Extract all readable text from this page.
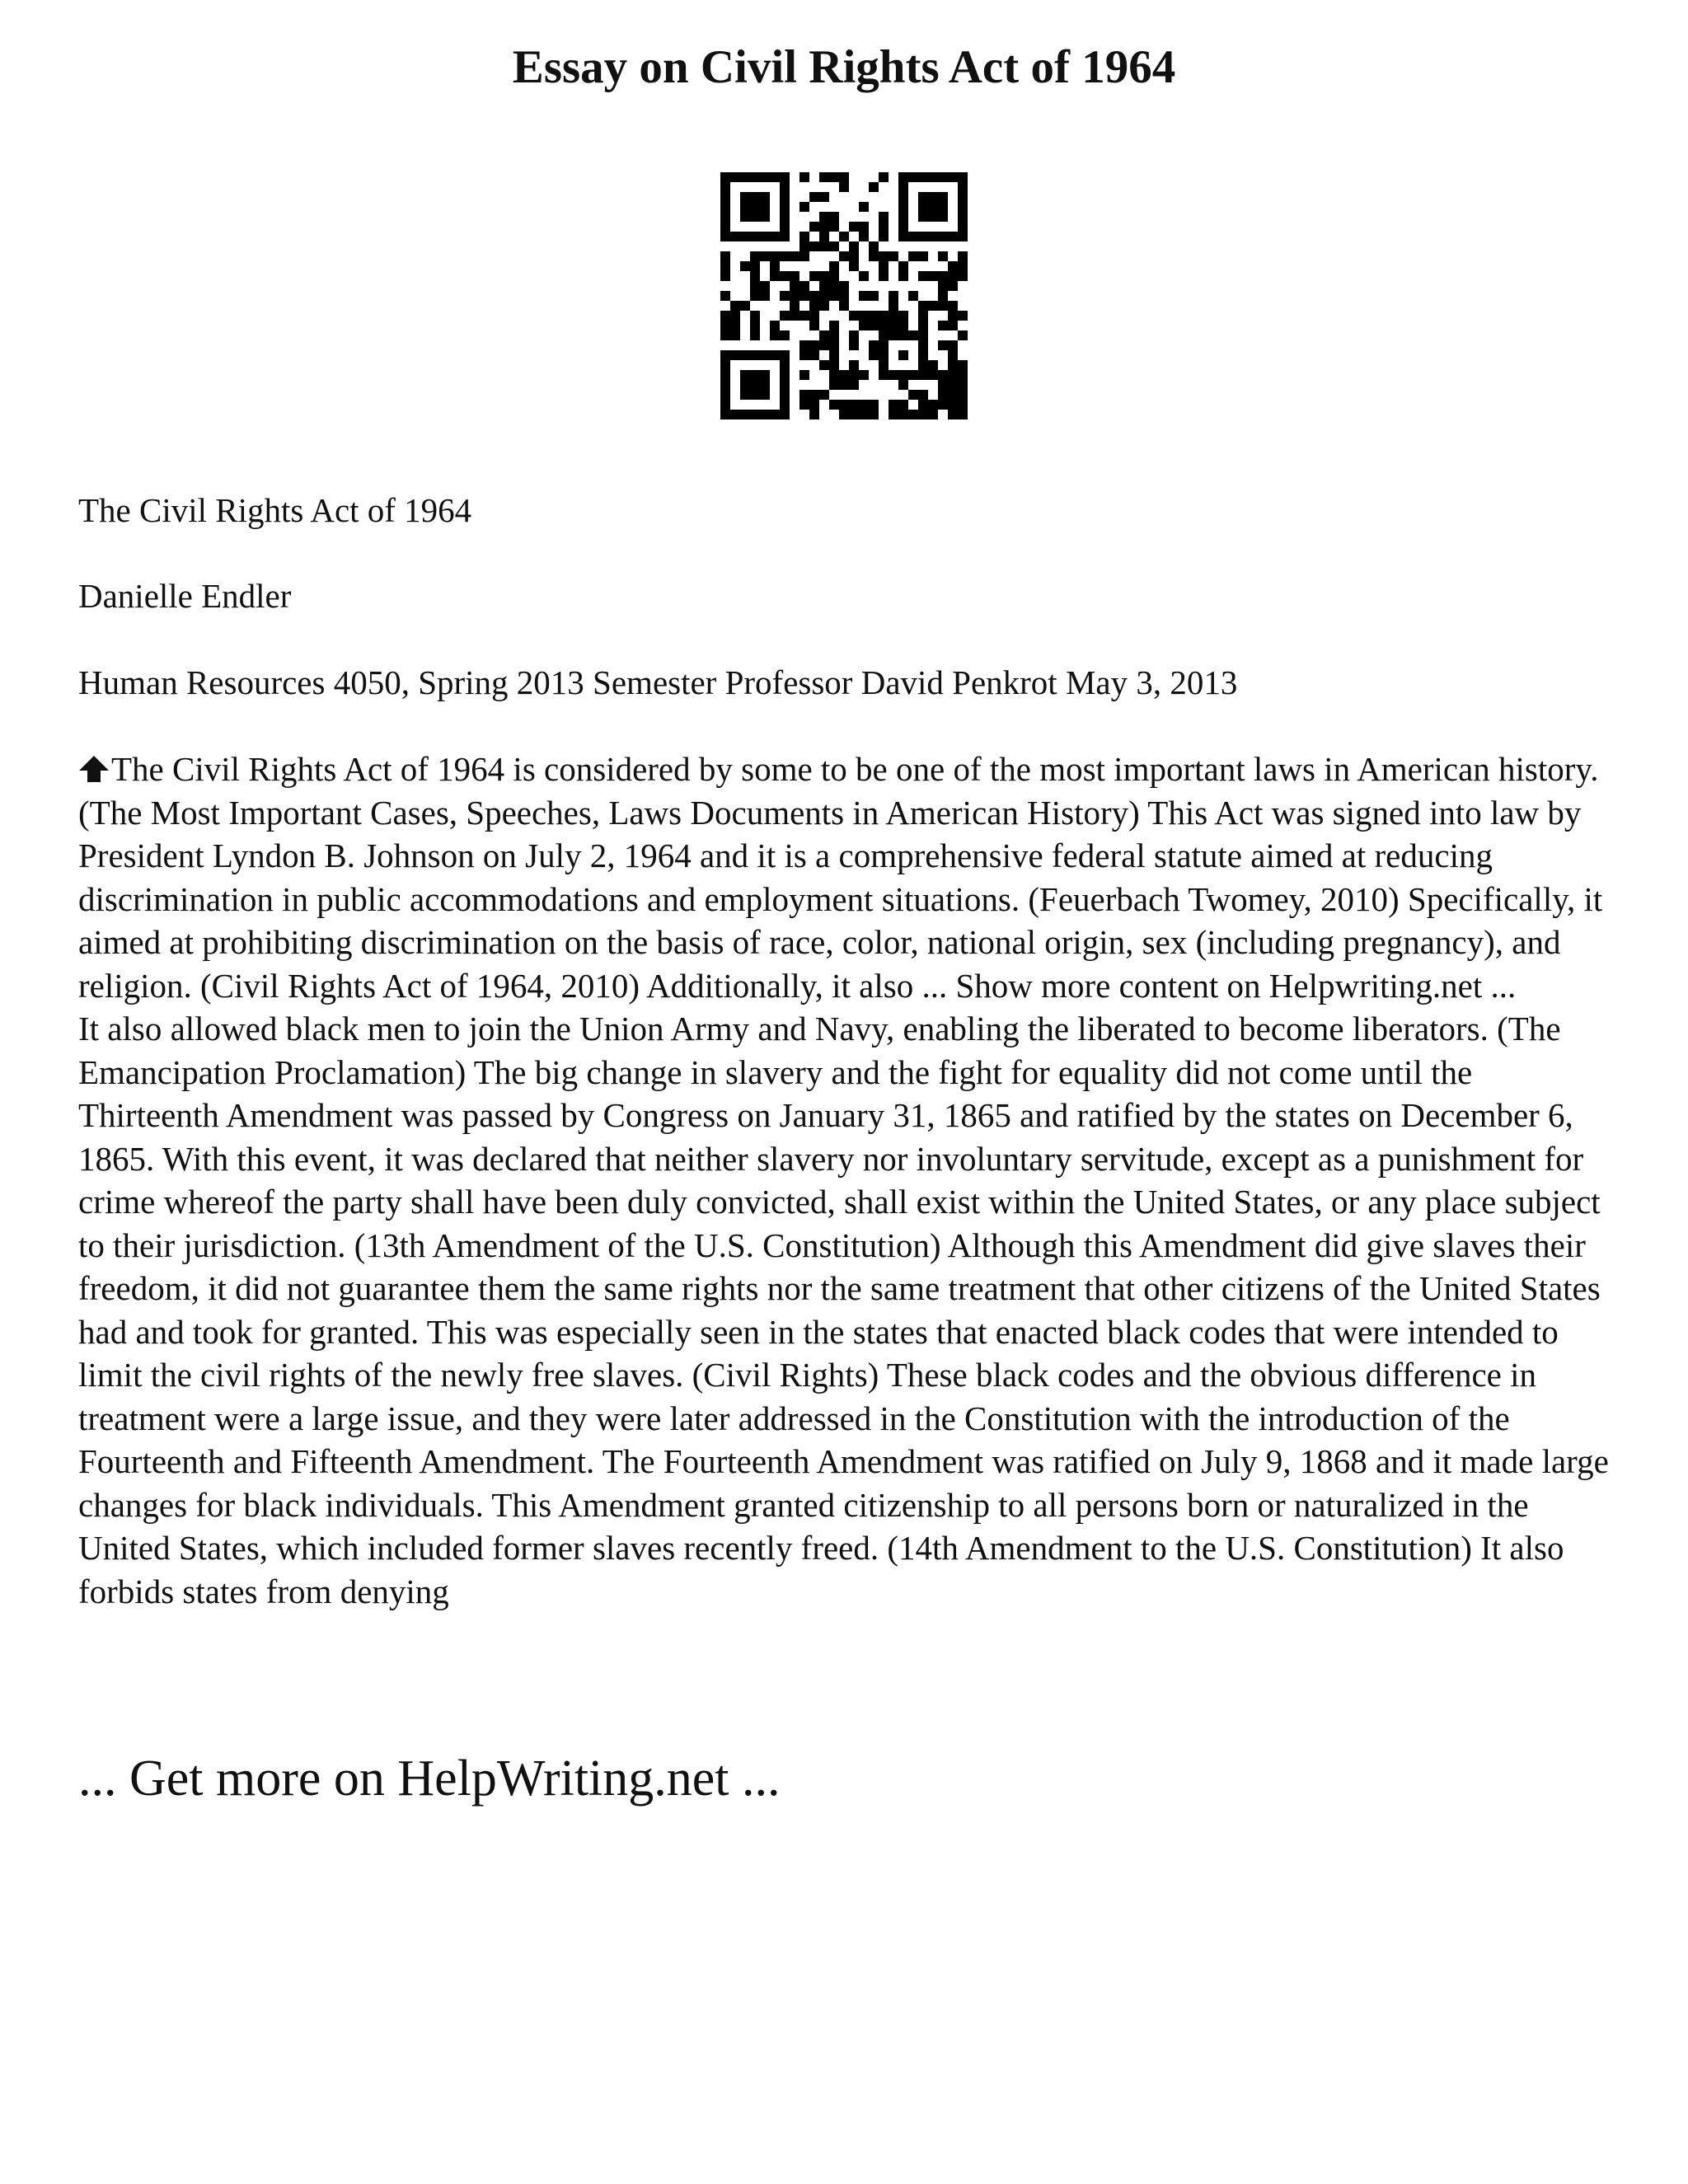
Essay on Civil Rights Act of 1964
The Civil Rights Act of 1964
Danielle Endler
Human Resources 4050, Spring 2013 Semester Professor David Penkrot May 3, 2013

The Civil Rights Act of 1964 is considered by some to be one of the most important laws in American history. (The Most Important Cases, Speeches, Laws Documents in American History) This Act was signed into law by President Lyndon B. Johnson on July 2, 1964 and it is a comprehensive federal statute aimed at reducing discrimination in public accommodations and employment situations. (Feuerbach Twomey, 2010) Specifically, it aimed at prohibiting discrimination on the basis of race, color, national origin, sex (including pregnancy), and religion. (Civil Rights Act of 1964, 2010) Additionally, it also ... Show more content on Helpwriting.net ...

It also allowed black men to join the Union Army and Navy, enabling the liberated to become liberators. (The Emancipation Proclamation) The big change in slavery and the fight for equality did not come until the Thirteenth Amendment was passed by Congress on January 31, 1865 and ratified by the states on December 6, 1865. With this event, it was declared that neither slavery nor involuntary servitude, except as a punishment for crime whereof the party shall have been duly convicted, shall exist within the United States, or any place subject to their jurisdiction. (13th Amendment of the U.S. Constitution) Although this Amendment did give slaves their freedom, it did not guarantee them the same rights nor the same treatment that other citizens of the United States had and took for granted. This was especially seen in the states that enacted black codes that were intended to limit the civil rights of the newly free slaves. (Civil Rights) These black codes and the obvious difference in treatment were a large issue, and they were later addressed in the Constitution with the introduction of the Fourteenth and Fifteenth Amendment. The Fourteenth Amendment was ratified on July 9, 1868 and it made large changes for black individuals. This Amendment granted citizenship to all persons born or naturalized in the United States, which included former slaves recently freed. (14th Amendment to the U.S. Constitution) It also forbids states from denying

... Get more on HelpWriting.net ...
